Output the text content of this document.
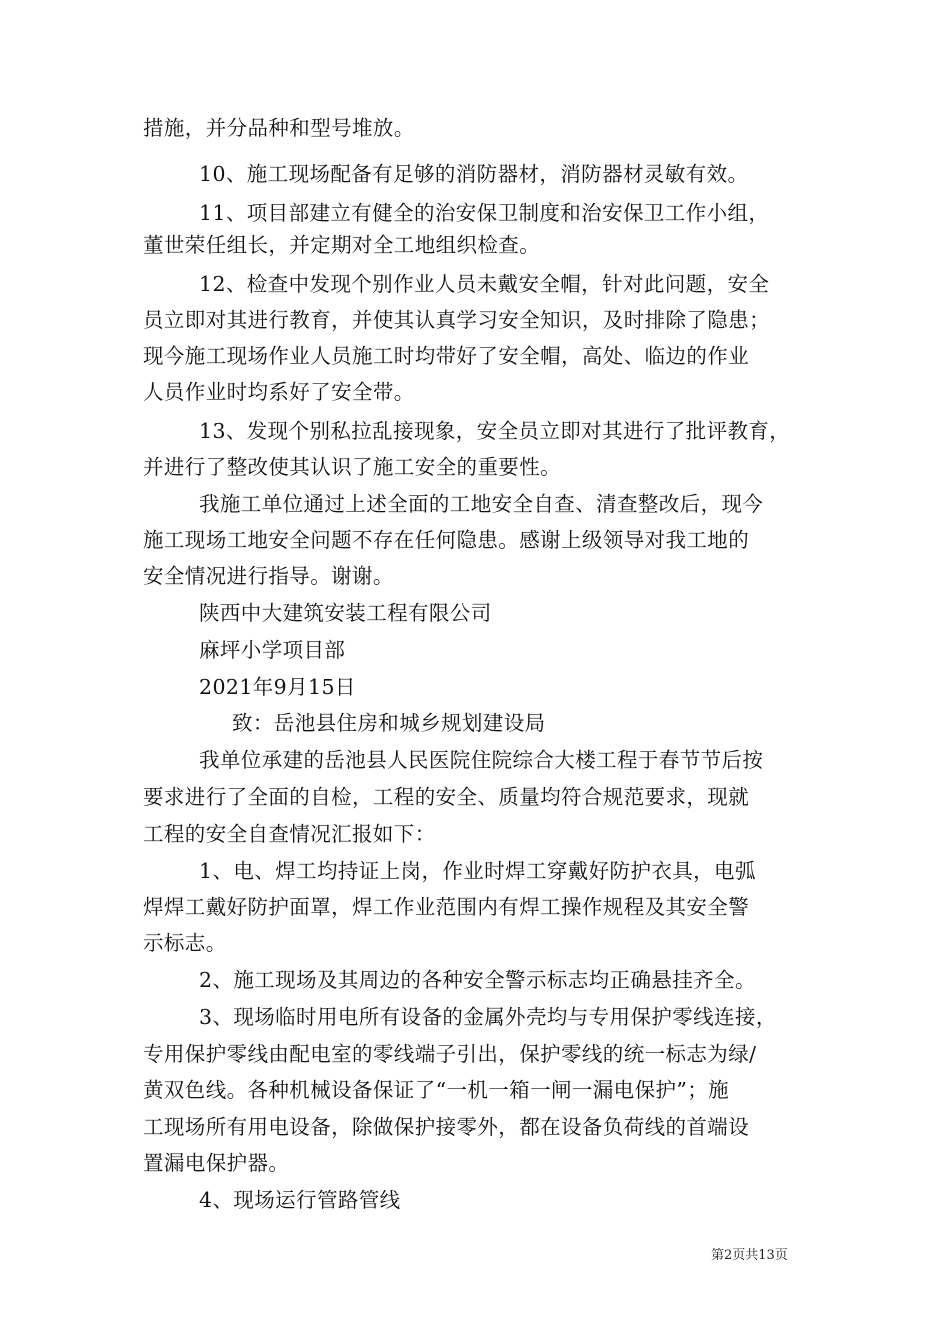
措施，并分品种和型号堆放。
10、施工现场配备有足够的消防器材，消防器材灵敏有效。
11、项目部建立有健全的治安保卫制度和治安保卫工作小组，
董世荣任组长，并定期对全工地组织检查。
12、检查中发现个别作业人员未戴安全帽，针对此问题，安全
员立即对其进行教育，并使其认真学习安全知识，及时排除了隐患；
现今施工现场作业人员施工时均带好了安全帽，高处、临边的作业
人员作业时均系好了安全带。
13、发现个别私拉乱接现象，安全员立即对其进行了批评教育，
并进行了整改使其认识了施工安全的重要性。
我施工单位通过上述全面的工地安全自查、清查整改后，现今
施工现场工地安全问题不存在任何隐患。感谢上级领导对我工地的
安全情况进行指导。谢谢。
陕西中大建筑安装工程有限公司
麻坪小学项目部
2021年9月15日
致：岳池县住房和城乡规划建设局
我单位承建的岳池县人民医院住院综合大楼工程于春节节后按
要求进行了全面的自检，工程的安全、质量均符合规范要求，现就
工程的安全自查情况汇报如下：
1、电、焊工均持证上岗，作业时焊工穿戴好防护衣具，电弧
焊焊工戴好防护面罩，焊工作业范围内有焊工操作规程及其安全警
示标志。
2、施工现场及其周边的各种安全警示标志均正确悬挂齐全。
3、现场临时用电所有设备的金属外壳均与专用保护零线连接，
专用保护零线由配电室的零线端子引出，保护零线的统一标志为绿/
黄双色线。各种机械设备保证了“一机一箱一闸一漏电保护”；施
工现场所有用电设备，除做保护接零外，都在设备负荷线的首端设
置漏电保护器。
4、现场运行管路管线
第2页共13页
